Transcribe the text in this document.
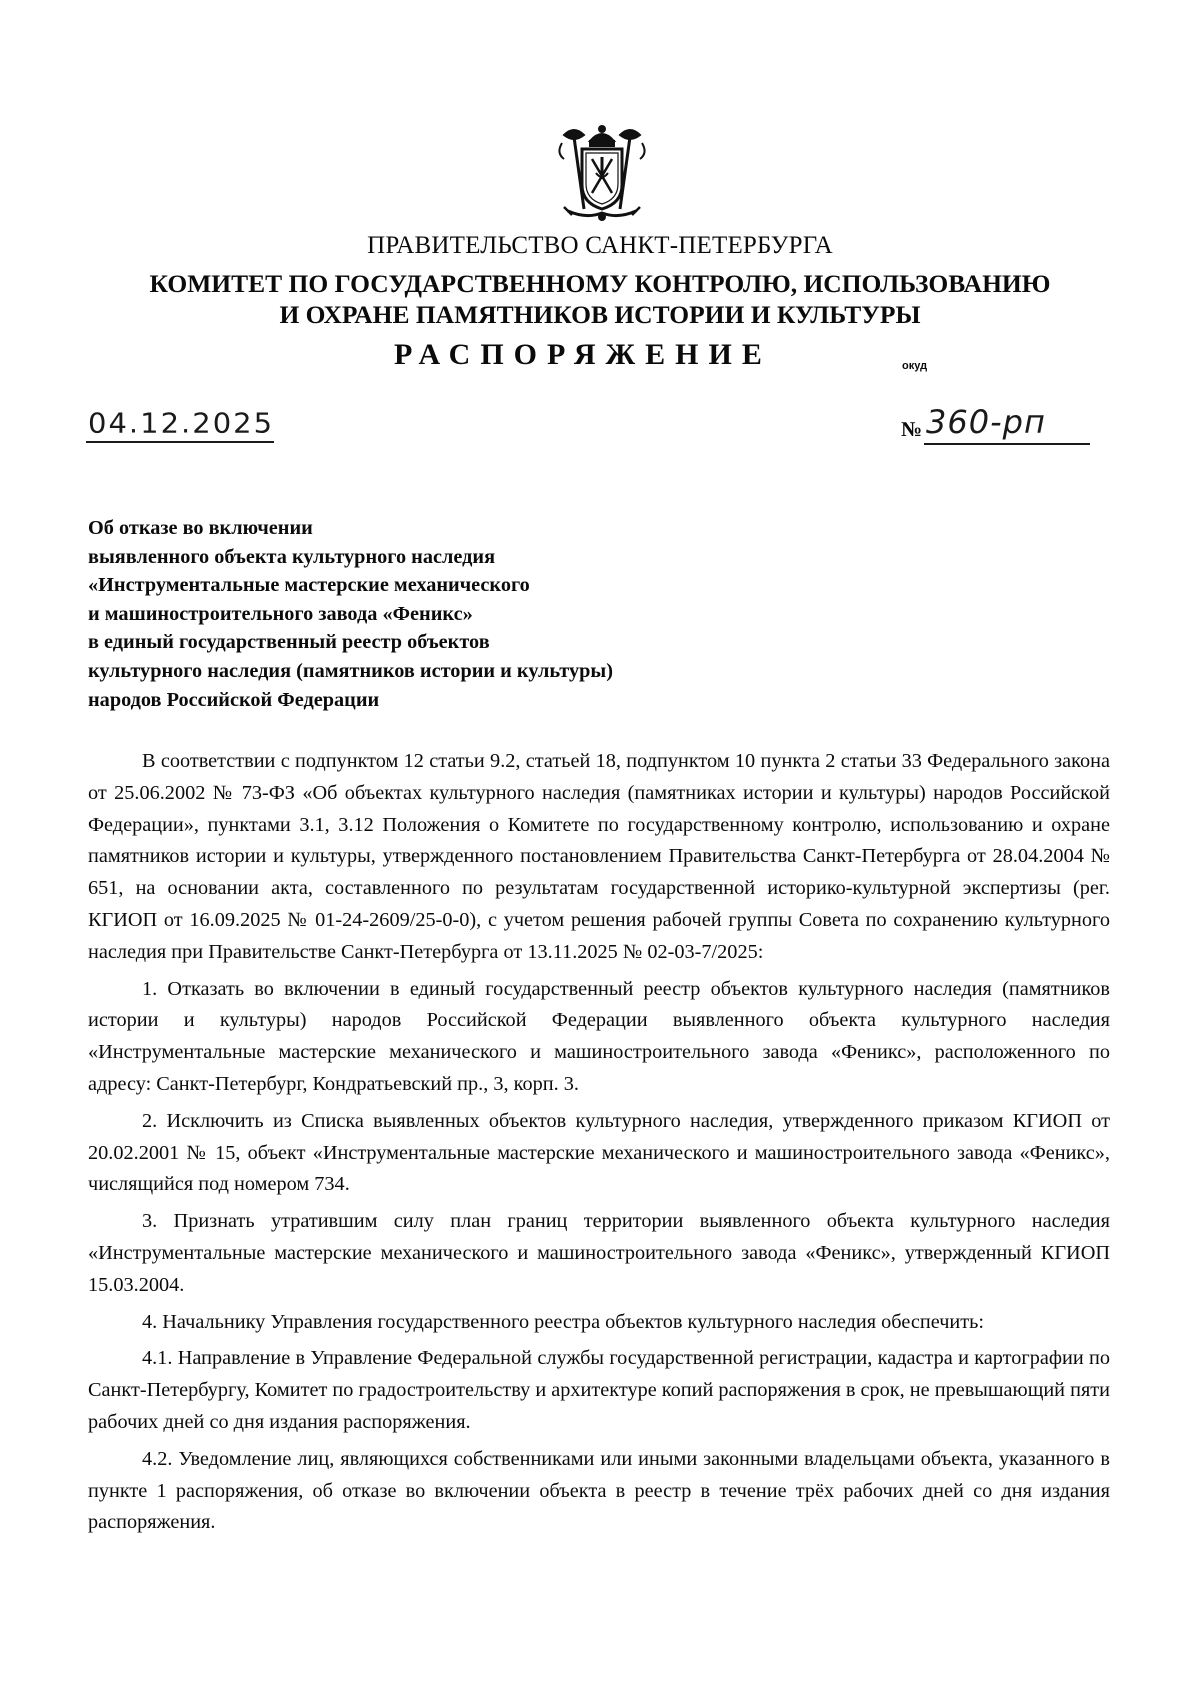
ПРАВИТЕЛЬСТВО САНКТ-ПЕТЕРБУРГА
КОМИТЕТ ПО ГОСУДАРСТВЕННОМУ КОНТРОЛЮ, ИСПОЛЬЗОВАНИЮ
И ОХРАНЕ ПАМЯТНИКОВ ИСТОРИИ И КУЛЬТУРЫ
РАСПОРЯЖЕНИЕ	окуд
04.12.2025	№ 360-рп
Об отказе во включении
выявленного объекта культурного наследия
«Инструментальные мастерские механического
и машиностроительного завода «Феникс»
в единый государственный реестр объектов
культурного наследия (памятников истории и культуры)
народов Российской Федерации

В соответствии с подпунктом 12 статьи 9.2, статьей 18, подпунктом 10 пункта 2 статьи 33 Федерального закона от 25.06.2002 № 73-ФЗ «Об объектах культурного наследия (памятниках истории и культуры) народов Российской Федерации», пунктами 3.1, 3.12 Положения о Комитете по государственному контролю, использованию и охране памятников истории и культуры, утвержденного постановлением Правительства Санкт-Петербурга от 28.04.2004 № 651, на основании акта, составленного по результатам государственной историко-культурной экспертизы (рег. КГИОП от 16.09.2025 № 01-24-2609/25-0-0), с учетом решения рабочей группы Совета по сохранению культурного наследия при Правительстве Санкт-Петербурга от 13.11.2025 № 02-03-7/2025:

1. Отказать во включении в единый государственный реестр объектов культурного наследия (памятников истории и культуры) народов Российской Федерации выявленного объекта культурного наследия «Инструментальные мастерские механического и машиностроительного завода «Феникс», расположенного по адресу: Санкт-Петербург, Кондратьевский пр., 3, корп. 3.

2. Исключить из Списка выявленных объектов культурного наследия, утвержденного приказом КГИОП от 20.02.2001 № 15, объект «Инструментальные мастерские механического и машиностроительного завода «Феникс», числящийся под номером 734.

3. Признать утратившим силу план границ территории выявленного объекта культурного наследия «Инструментальные мастерские механического и машиностроительного завода «Феникс», утвержденный КГИОП 15.03.2004.

4. Начальнику Управления государственного реестра объектов культурного наследия обеспечить:

4.1. Направление в Управление Федеральной службы государственной регистрации, кадастра и картографии по Санкт-Петербургу, Комитет по градостроительству и архитектуре копий распоряжения в срок, не превышающий пяти рабочих дней со дня издания распоряжения.

4.2. Уведомление лиц, являющихся собственниками или иными законными владельцами объекта, указанного в пункте 1 распоряжения, об отказе во включении объекта в реестр в течение трёх рабочих дней со дня издания распоряжения.
